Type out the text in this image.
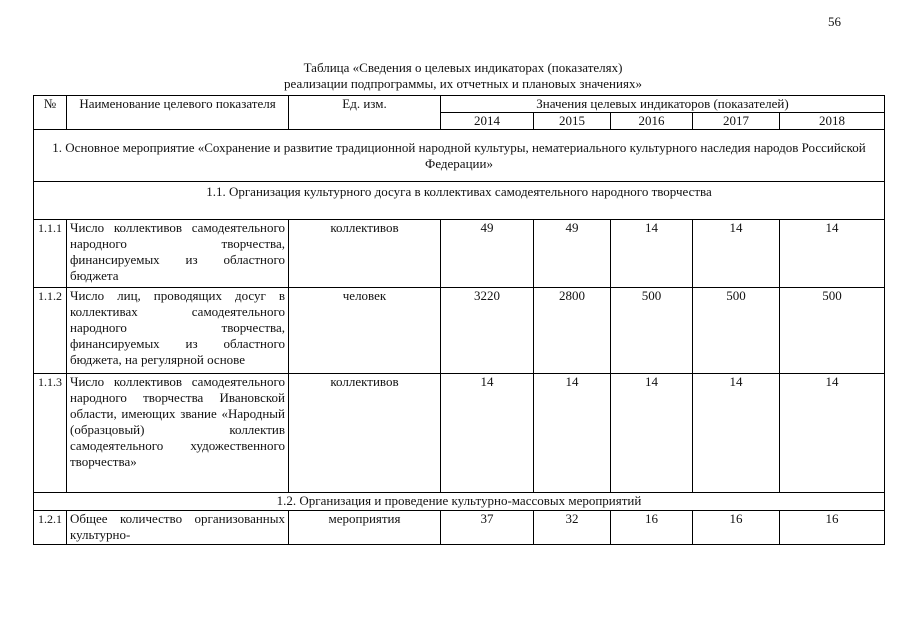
56
Таблица «Сведения о целевых индикаторах (показателях)
реализации подпрограммы, их отчетных и плановых значениях»
№	Наименование целевого показателя	Ед. изм.	Значения целевых индикаторов (показателей)				
			2014	2015	2016	2017	2018
1. Основное мероприятие «Сохранение и развитие традиционной народной культуры, нематериального культурного наследия народов Российской Федерации»							
1.1. Организация культурного досуга в коллективах самодеятельного народного творчества							
1.1.1	Число коллективов самодеятельного народного творчества, финансируемых из областного бюджета	коллективов	49	49	14	14	14
1.1.2	Число лиц, проводящих досуг в коллективах самодеятельного народного творчества, финансируемых из областного бюджета, на регулярной основе	человек	3220	2800	500	500	500
1.1.3	Число коллективов самодеятельного народного творчества Ивановской области, имеющих звание «Народный (образцовый) коллектив самодеятельного художественного творчества»	коллективов	14	14	14	14	14
1.2. Организация и проведение культурно-массовых мероприятий							
1.2.1	Общее количество организованных культурно-	мероприятия	37	32	16	16	16
